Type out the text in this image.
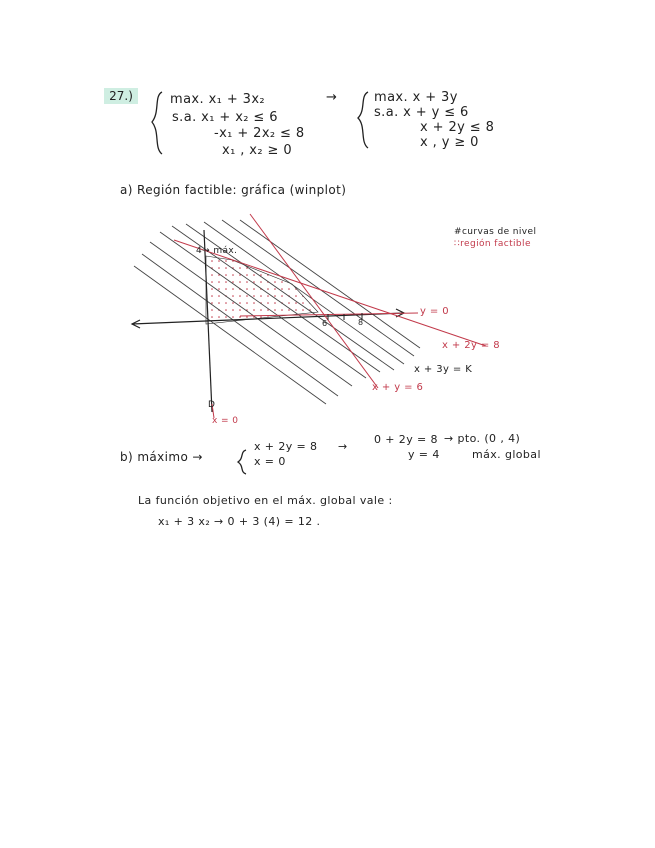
27.)	max. x₁ + 3x₂
s.a. x₁ + x₂ ≤ 6
-x₁ + 2x₂ ≤ 8
x₁ , x₂ ≥ 0
→	max. x + 3y
s.a. x + y ≤ 6
x + 2y ≤ 8
x , y ≥ 0
a) Región factible: gráfica (winplot)
4→ máx.
6	8
D
#curvas de nivel
∷región factible
y = 0
x + 2y = 8
x + 3y = K
x + y = 6
x = 0
b) máximo →
x + 2y = 8
x = 0
→
0 + 2y = 8
y = 4
→ pto. (0 , 4)
máx. global
La función objetivo en el máx. global vale :
x₁ + 3 x₂ → 0 + 3 (4) = 12 .
